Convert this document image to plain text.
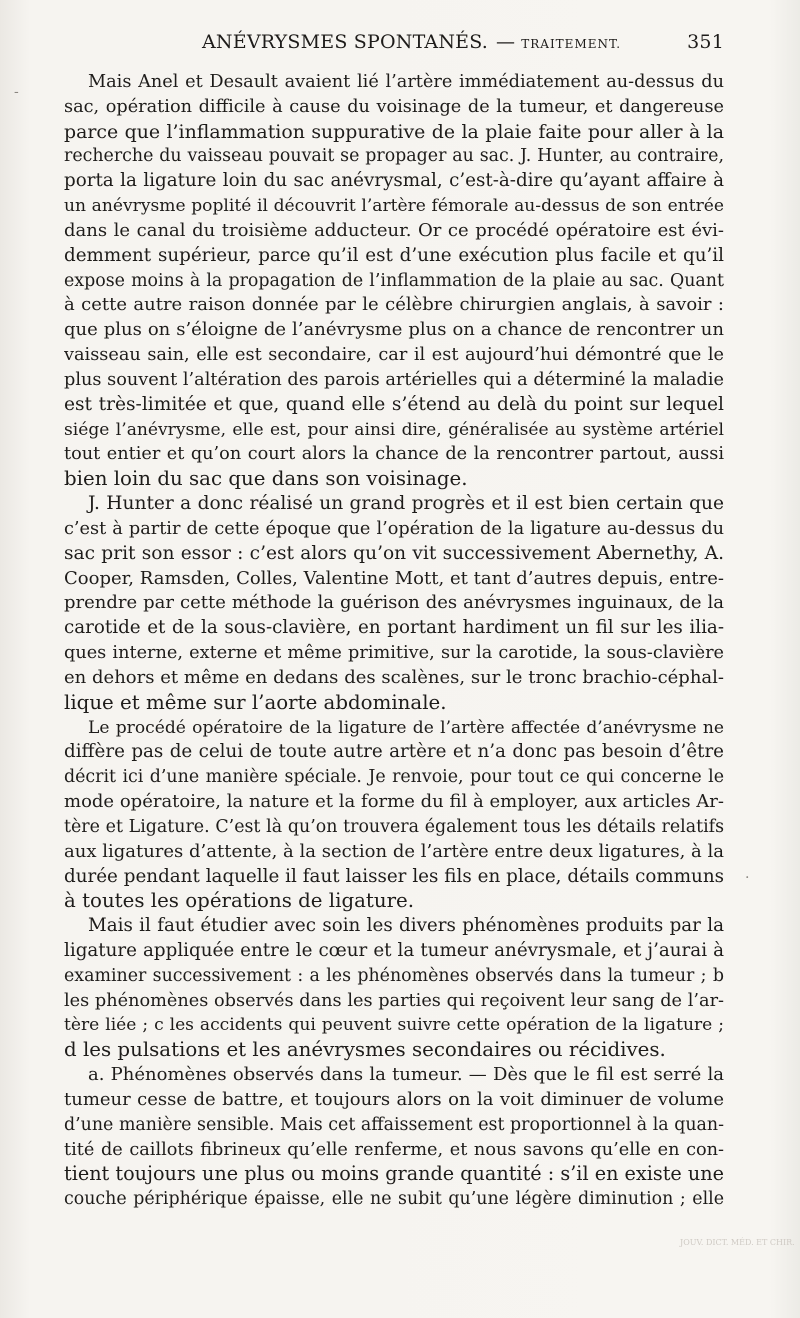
ANÉVRYSMES SPONTANÉS. — TRAITEMENT.	351
-
.
Mais Anel et Desault avaient lié l’artère immédiatement au-dessus du
sac, opération difficile à cause du voisinage de la tumeur, et dangereuse
parce que l’inflammation suppurative de la plaie faite pour aller à la
recherche du vaisseau pouvait se propager au sac. J. Hunter, au contraire,
porta la ligature loin du sac anévrysmal, c’est-à-dire qu’ayant affaire à
un anévrysme poplité il découvrit l’artère fémorale au-dessus de son entrée
dans le canal du troisième adducteur. Or ce procédé opératoire est évi-
demment supérieur, parce qu’il est d’une exécution plus facile et qu’il
expose moins à la propagation de l’inflammation de la plaie au sac. Quant
à cette autre raison donnée par le célèbre chirurgien anglais, à savoir :
que plus on s’éloigne de l’anévrysme plus on a chance de rencontrer un
vaisseau sain, elle est secondaire, car il est aujourd’hui démontré que le
plus souvent l’altération des parois artérielles qui a déterminé la maladie
est très-limitée et que, quand elle s’étend au delà du point sur lequel
siége l’anévrysme, elle est, pour ainsi dire, généralisée au système artériel
tout entier et qu’on court alors la chance de la rencontrer partout, aussi
bien loin du sac que dans son voisinage.
J. Hunter a donc réalisé un grand progrès et il est bien certain que
c’est à partir de cette époque que l’opération de la ligature au-dessus du
sac prit son essor : c’est alors qu’on vit successivement Abernethy, A.
Cooper, Ramsden, Colles, Valentine Mott, et tant d’autres depuis, entre-
prendre par cette méthode la guérison des anévrysmes inguinaux, de la
carotide et de la sous-clavière, en portant hardiment un fil sur les ilia-
ques interne, externe et même primitive, sur la carotide, la sous-clavière
en dehors et même en dedans des scalènes, sur le tronc brachio-céphal-
lique et même sur l’aorte abdominale.
Le procédé opératoire de la ligature de l’artère affectée d’anévrysme ne
diffère pas de celui de toute autre artère et n’a donc pas besoin d’être
décrit ici d’une manière spéciale. Je renvoie, pour tout ce qui concerne le
mode opératoire, la nature et la forme du fil à employer, aux articles Ar-
tère et Ligature. C’est là qu’on trouvera également tous les détails relatifs
aux ligatures d’attente, à la section de l’artère entre deux ligatures, à la
durée pendant laquelle il faut laisser les fils en place, détails communs
à toutes les opérations de ligature.
Mais il faut étudier avec soin les divers phénomènes produits par la
ligature appliquée entre le cœur et la tumeur anévrysmale, et j’aurai à
examiner successivement : a les phénomènes observés dans la tumeur ; b
les phénomènes observés dans les parties qui reçoivent leur sang de l’ar-
tère liée ; c les accidents qui peuvent suivre cette opération de la ligature ;
d les pulsations et les anévrysmes secondaires ou récidives.
a. Phénomènes observés dans la tumeur. — Dès que le fil est serré la
tumeur cesse de battre, et toujours alors on la voit diminuer de volume
d’une manière sensible. Mais cet affaissement est proportionnel à la quan-
tité de caillots fibrineux qu’elle renferme, et nous savons qu’elle en con-
tient toujours une plus ou moins grande quantité : s’il en existe une
couche périphérique épaisse, elle ne subit qu’une légère diminution ; elle
JOUV. DICT. MÉD. ET CHIR.
